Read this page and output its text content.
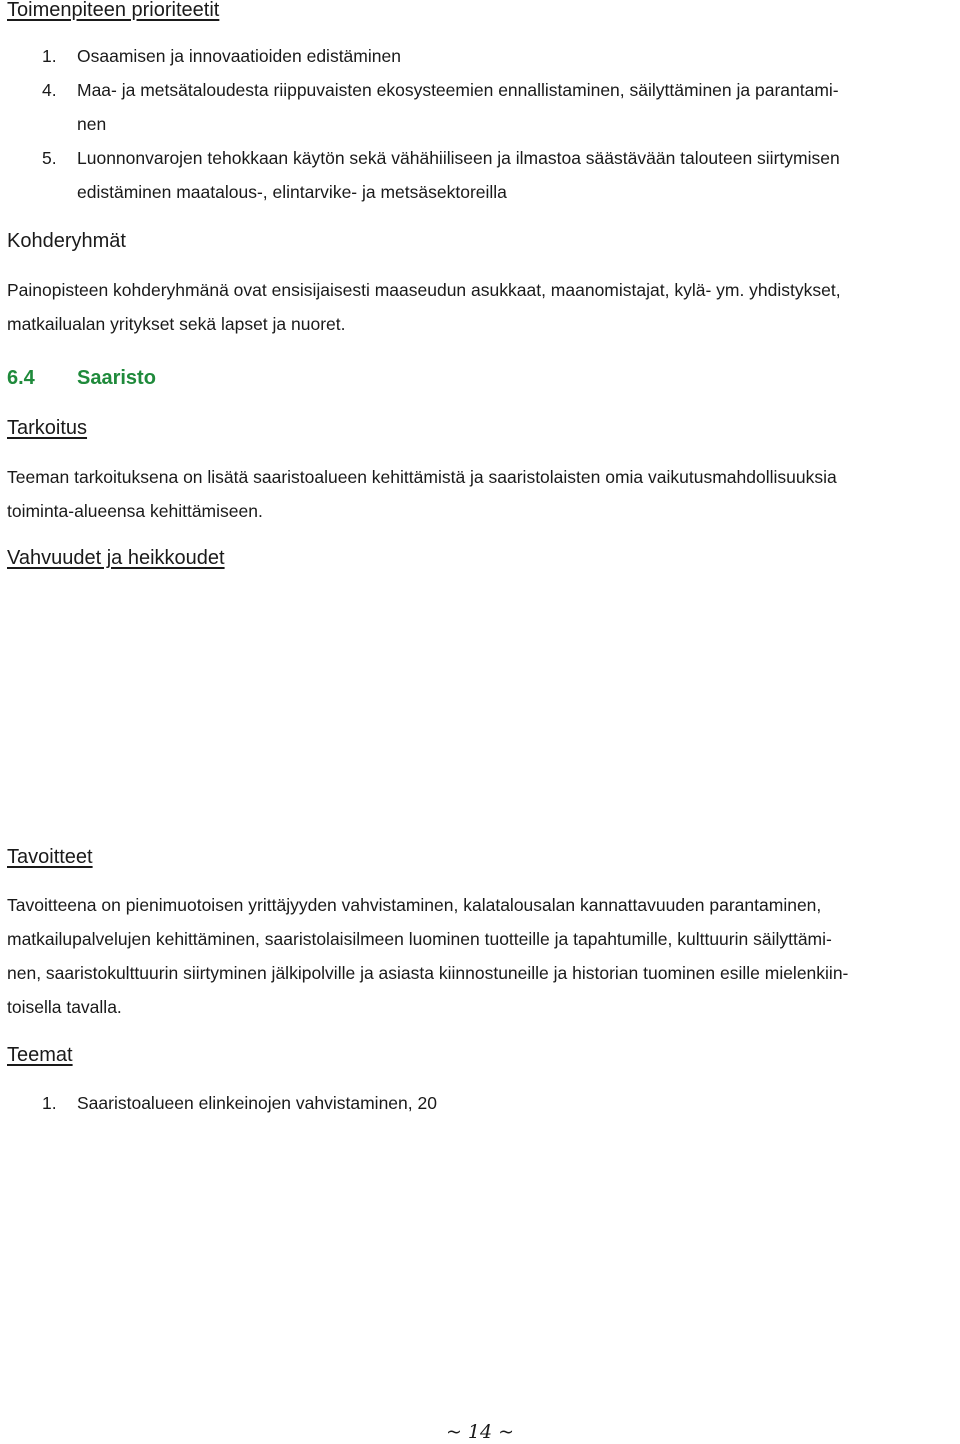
Toimenpiteen prioriteetit
1. Osaamisen ja innovaatioiden edistäminen
4. Maa- ja metsätaloudesta riippuvaisten ekosysteemien ennallistaminen, säilyttäminen ja parantami-
nen
5. Luonnonvarojen tehokkaan käytön sekä vähähiiliseen ja ilmastoa säästävään talouteen siirtymisen
edistäminen maatalous-, elintarvike- ja metsäsektoreilla
Kohderyhmät
Painopisteen kohderyhmänä ovat ensisijaisesti maaseudun asukkaat, maanomistajat, kylä- ym. yhdistykset,
matkailualan yritykset sekä lapset ja nuoret.
6.4 Saaristo
Tarkoitus
Teeman tarkoituksena on lisätä saaristoalueen kehittämistä ja saaristolaisten omia vaikutusmahdollisuuksia
toiminta-alueensa kehittämiseen.
Vahvuudet ja heikkoudet
Tavoitteet
Tavoitteena on pienimuotoisen yrittäjyyden vahvistaminen, kalatalousalan kannattavuuden parantaminen,
matkailupalvelujen kehittäminen, saaristolaisilmeen luominen tuotteille ja tapahtumille, kulttuurin säilyttämi-
nen, saaristokulttuurin siirtyminen jälkipolville ja asiasta kiinnostuneille ja historian tuominen esille mielenkiin-
toisella tavalla.
Teemat
1. Saaristoalueen elinkeinojen vahvistaminen, 20
~ 14 ~
